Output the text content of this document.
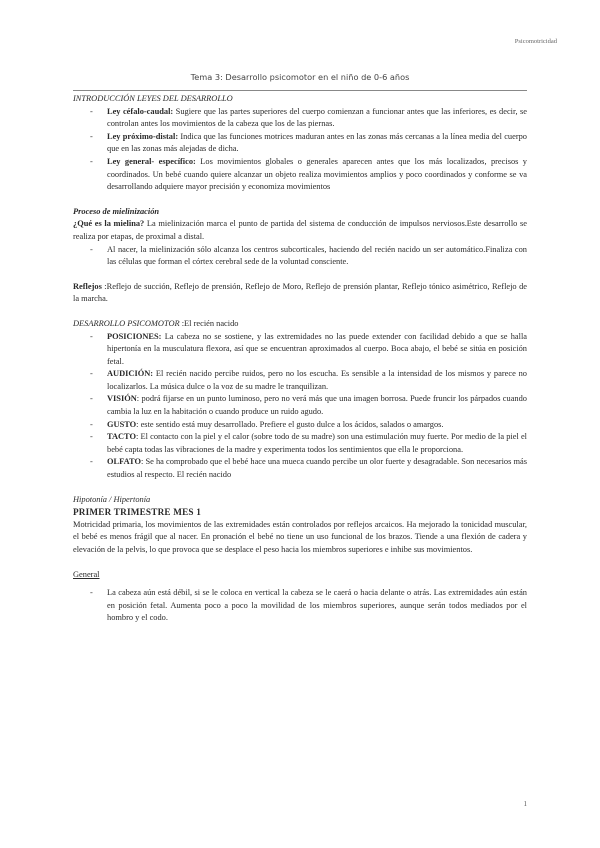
Psicomotricidad
Tema 3: Desarrollo psicomotor en el niño de 0-6 años

INTRODUCCIÓN LEYES DEL DESARROLLO

- Ley céfalo-caudal: Sugiere que las partes superiores del cuerpo comienzan a funcionar antes que las inferiores, es decir, se controlan antes los movimientos de la cabeza que los de las piernas.
- Ley próximo-distal: Indica que las funciones motrices maduran antes en las zonas más cercanas a la línea media del cuerpo que en las zonas más alejadas de dicha.
- Ley general- específico: Los movimientos globales o generales aparecen antes que los más localizados, precisos y coordinados. Un bebé cuando quiere alcanzar un objeto realiza movimientos amplios y poco coordinados y conforme se va desarrollando adquiere mayor precisión y economiza movimientos

Proceso de mielinización

¿Qué es la mielina? La mielinización marca el punto de partida del sistema de conducción de impulsos nerviosos.Este desarrollo se realiza por etapas, de proximal a distal.

- Al nacer, la mielinización sólo alcanza los centros subcorticales, haciendo del recién nacido un ser automático.Finaliza con las células que forman el córtex cerebral sede de la voluntad consciente.

Reflejos :Reflejo de succión, Reflejo de prensión, Reflejo de Moro, Reflejo de prensión plantar, Reflejo tónico asimétrico, Reflejo de la marcha.

DESARROLLO PSICOMOTOR :El recién nacido

- POSICIONES: La cabeza no se sostiene, y las extremidades no las puede extender con facilidad debido a que se halla hipertonía en la musculatura flexora, así que se encuentran aproximados al cuerpo. Boca abajo, el bebé se sitúa en posición fetal.
- AUDICIÓN: El recién nacido percibe ruidos, pero no los escucha. Es sensible a la intensidad de los mismos y parece no localizarlos. La música dulce o la voz de su madre le tranquilizan.
- VISIÓN: podrá fijarse en un punto luminoso, pero no verá más que una imagen borrosa. Puede fruncir los párpados cuando cambia la luz en la habitación o cuando produce un ruido agudo.
- GUSTO: este sentido está muy desarrollado. Prefiere el gusto dulce a los ácidos, salados o amargos.
- TACTO: El contacto con la piel y el calor (sobre todo de su madre) son una estimulación muy fuerte. Por medio de la piel el bebé capta todas las vibraciones de la madre y experimenta todos los sentimientos que ella le proporciona.
- OLFATO: Se ha comprobado que el bebé hace una mueca cuando percibe un olor fuerte y desagradable. Son necesarios más estudios al respecto. El recién nacido

Hipotonía / Hipertonía

PRIMER TRIMESTRE MES 1

Motricidad primaria, los movimientos de las extremidades están controlados por reflejos arcaicos. Ha mejorado la tonicidad muscular, el bebé es menos frágil que al nacer. En pronación el bebé no tiene un uso funcional de los brazos. Tiende a una flexión de cadera y elevación de la pelvis, lo que provoca que se desplace el peso hacia los miembros superiores e inhibe sus movimientos.

General

- La cabeza aún está débil, si se le coloca en vertical la cabeza se le caerá o hacia delante o atrás. Las extremidades aún están en posición fetal. Aumenta poco a poco la movilidad de los miembros superiores, aunque serán todos mediados por el hombro y el codo.
1
